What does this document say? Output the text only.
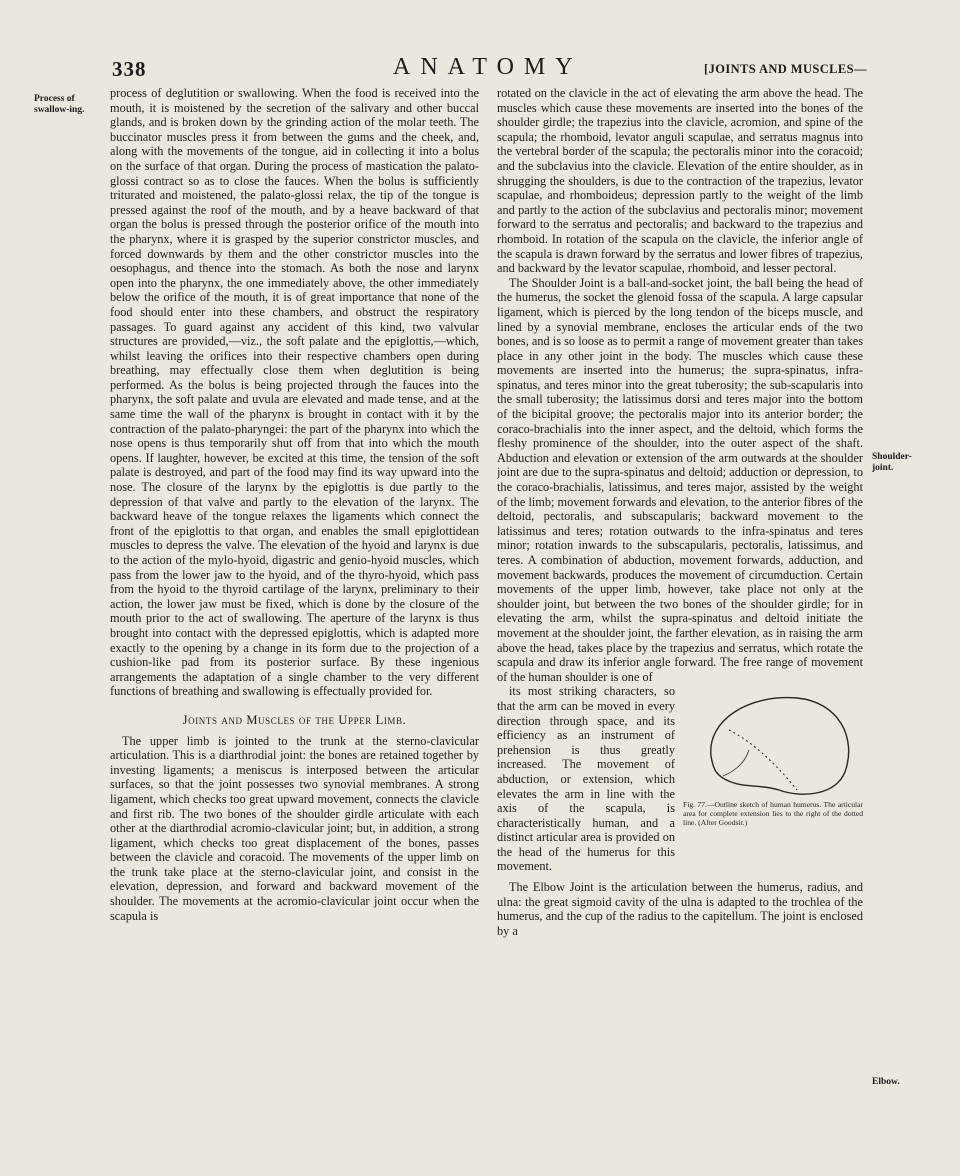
338	ANATOMY	[JOINTS AND MUSCLES—
Process of swallow-ing.
Shoulder-joint.
Elbow.

process of deglutition or swallowing. When the food is received into the mouth, it is moistened by the secretion of the salivary and other buccal glands, and is broken down by the grinding action of the molar teeth. The buccinator muscles press it from between the gums and the cheek, and, along with the movements of the tongue, aid in collecting it into a bolus on the surface of that organ. During the process of mastication the palato-glossi contract so as to close the fauces. When the bolus is sufficiently triturated and moistened, the palato-glossi relax, the tip of the tongue is pressed against the roof of the mouth, and by a heave backward of that organ the bolus is pressed through the posterior orifice of the mouth into the pharynx, where it is grasped by the superior constrictor muscles, and forced downwards by them and the other constrictor muscles into the oesophagus, and thence into the stomach. As both the nose and larynx open into the pharynx, the one immediately above, the other immediately below the orifice of the mouth, it is of great importance that none of the food should enter into these chambers, and obstruct the respiratory passages. To guard against any accident of this kind, two valvular structures are provided,—viz., the soft palate and the epiglottis,—which, whilst leaving the orifices into their respective chambers open during breathing, may effectually close them when deglutition is being performed. As the bolus is being projected through the fauces into the pharynx, the soft palate and uvula are elevated and made tense, and at the same time the wall of the pharynx is brought in contact with it by the contraction of the palato-pharyngei: the part of the pharynx into which the nose opens is thus temporarily shut off from that into which the mouth opens. If laughter, however, be excited at this time, the tension of the soft palate is destroyed, and part of the food may find its way upward into the nose. The closure of the larynx by the epiglottis is due partly to the depression of that valve and partly to the elevation of the larynx. The backward heave of the tongue relaxes the ligaments which connect the front of the epiglottis to that organ, and enables the small epiglottidean muscles to depress the valve. The elevation of the hyoid and larynx is due to the action of the mylo-hyoid, digastric and genio-hyoid muscles, which pass from the lower jaw to the hyoid, and of the thyro-hyoid, which pass from the hyoid to the thyroid cartilage of the larynx, preliminary to their action, the lower jaw must be fixed, which is done by the closure of the mouth prior to the act of swallowing. The aperture of the larynx is thus brought into contact with the depressed epiglottis, which is adapted more exactly to the opening by a change in its form due to the projection of a cushion-like pad from its posterior surface. By these ingenious arrangements the adaptation of a single chamber to the very different functions of breathing and swallowing is effectually provided for.

Joints and Muscles of the Upper Limb.

The upper limb is jointed to the trunk at the sterno-clavicular articulation. This is a diarthrodial joint: the bones are retained together by investing ligaments; a meniscus is interposed between the articular surfaces, so that the joint possesses two synovial membranes. A strong ligament, which checks too great upward movement, connects the clavicle and first rib. The two bones of the shoulder girdle articulate with each other at the diarthrodial acromio-clavicular joint; but, in addition, a strong ligament, which checks too great displacement of the bones, passes between the clavicle and coracoid. The movements of the upper limb on the trunk take place at the sterno-clavicular joint, and consist in the elevation, depression, and forward and backward movement of the shoulder. The movements at the acromio-clavicular joint occur when the scapula is

rotated on the clavicle in the act of elevating the arm above the head. The muscles which cause these movements are inserted into the bones of the shoulder girdle; the trapezius into the clavicle, acromion, and spine of the scapula; the rhomboid, levator anguli scapulae, and serratus magnus into the vertebral border of the scapula; the pectoralis minor into the coracoid; and the subclavius into the clavicle. Elevation of the entire shoulder, as in shrugging the shoulders, is due to the contraction of the trapezius, levator scapulae, and rhomboideus; depression partly to the weight of the limb and partly to the action of the subclavius and pectoralis minor; movement forward to the serratus and pectoralis; and backward to the trapezius and rhomboid. In rotation of the scapula on the clavicle, the inferior angle of the scapula is drawn forward by the serratus and lower fibres of trapezius, and backward by the levator scapulae, rhomboid, and lesser pectoral.

The Shoulder Joint is a ball-and-socket joint, the ball being the head of the humerus, the socket the glenoid fossa of the scapula. A large capsular ligament, which is pierced by the long tendon of the biceps muscle, and lined by a synovial membrane, encloses the articular ends of the two bones, and is so loose as to permit a range of movement greater than takes place in any other joint in the body. The muscles which cause these movements are inserted into the humerus; the supra-spinatus, infra-spinatus, and teres minor into the great tuberosity; the sub-scapularis into the small tuberosity; the latissimus dorsi and teres major into the bottom of the bicipital groove; the pectoralis major into its anterior border; the coraco-brachialis into the inner aspect, and the deltoid, which forms the fleshy prominence of the shoulder, into the outer aspect of the shaft. Abduction and elevation or extension of the arm outwards at the shoulder joint are due to the supra-spinatus and deltoid; adduction or depression, to the coraco-brachialis, latissimus, and teres major, assisted by the weight of the limb; movement forwards and elevation, to the anterior fibres of the deltoid, pectoralis, and subscapularis; backward movement to the latissimus and teres; rotation outwards to the infra-spinatus and teres minor; rotation inwards to the subscapularis, pectoralis, latissimus, and teres. A combination of abduction, movement forwards, adduction, and movement backwards, produces the movement of circumduction. Certain movements of the upper limb, however, take place not only at the shoulder joint, but between the two bones of the shoulder girdle; for in elevating the arm, whilst the supra-spinatus and deltoid initiate the movement at the shoulder joint, the farther elevation, as in raising the arm above the head, takes place by the trapezius and serratus, which rotate the scapula and draw its inferior angle forward. The free range of movement of the human shoulder is one of

Fig. 77.—Outline sketch of human humerus. The articular area for complete extension lies to the right of the dotted line. (After Goodsir.)

its most striking characters, so that the arm can be moved in every direction through space, and its efficiency as an instrument of prehension is thus greatly increased. The movement of abduction, or extension, which elevates the arm in line with the axis of the scapula, is characteristically human, and a distinct articular area is provided on the head of the humerus for this movement.

The Elbow Joint is the articulation between the humerus, radius, and ulna: the great sigmoid cavity of the ulna is adapted to the trochlea of the humerus, and the cup of the radius to the capitellum. The joint is enclosed by a
